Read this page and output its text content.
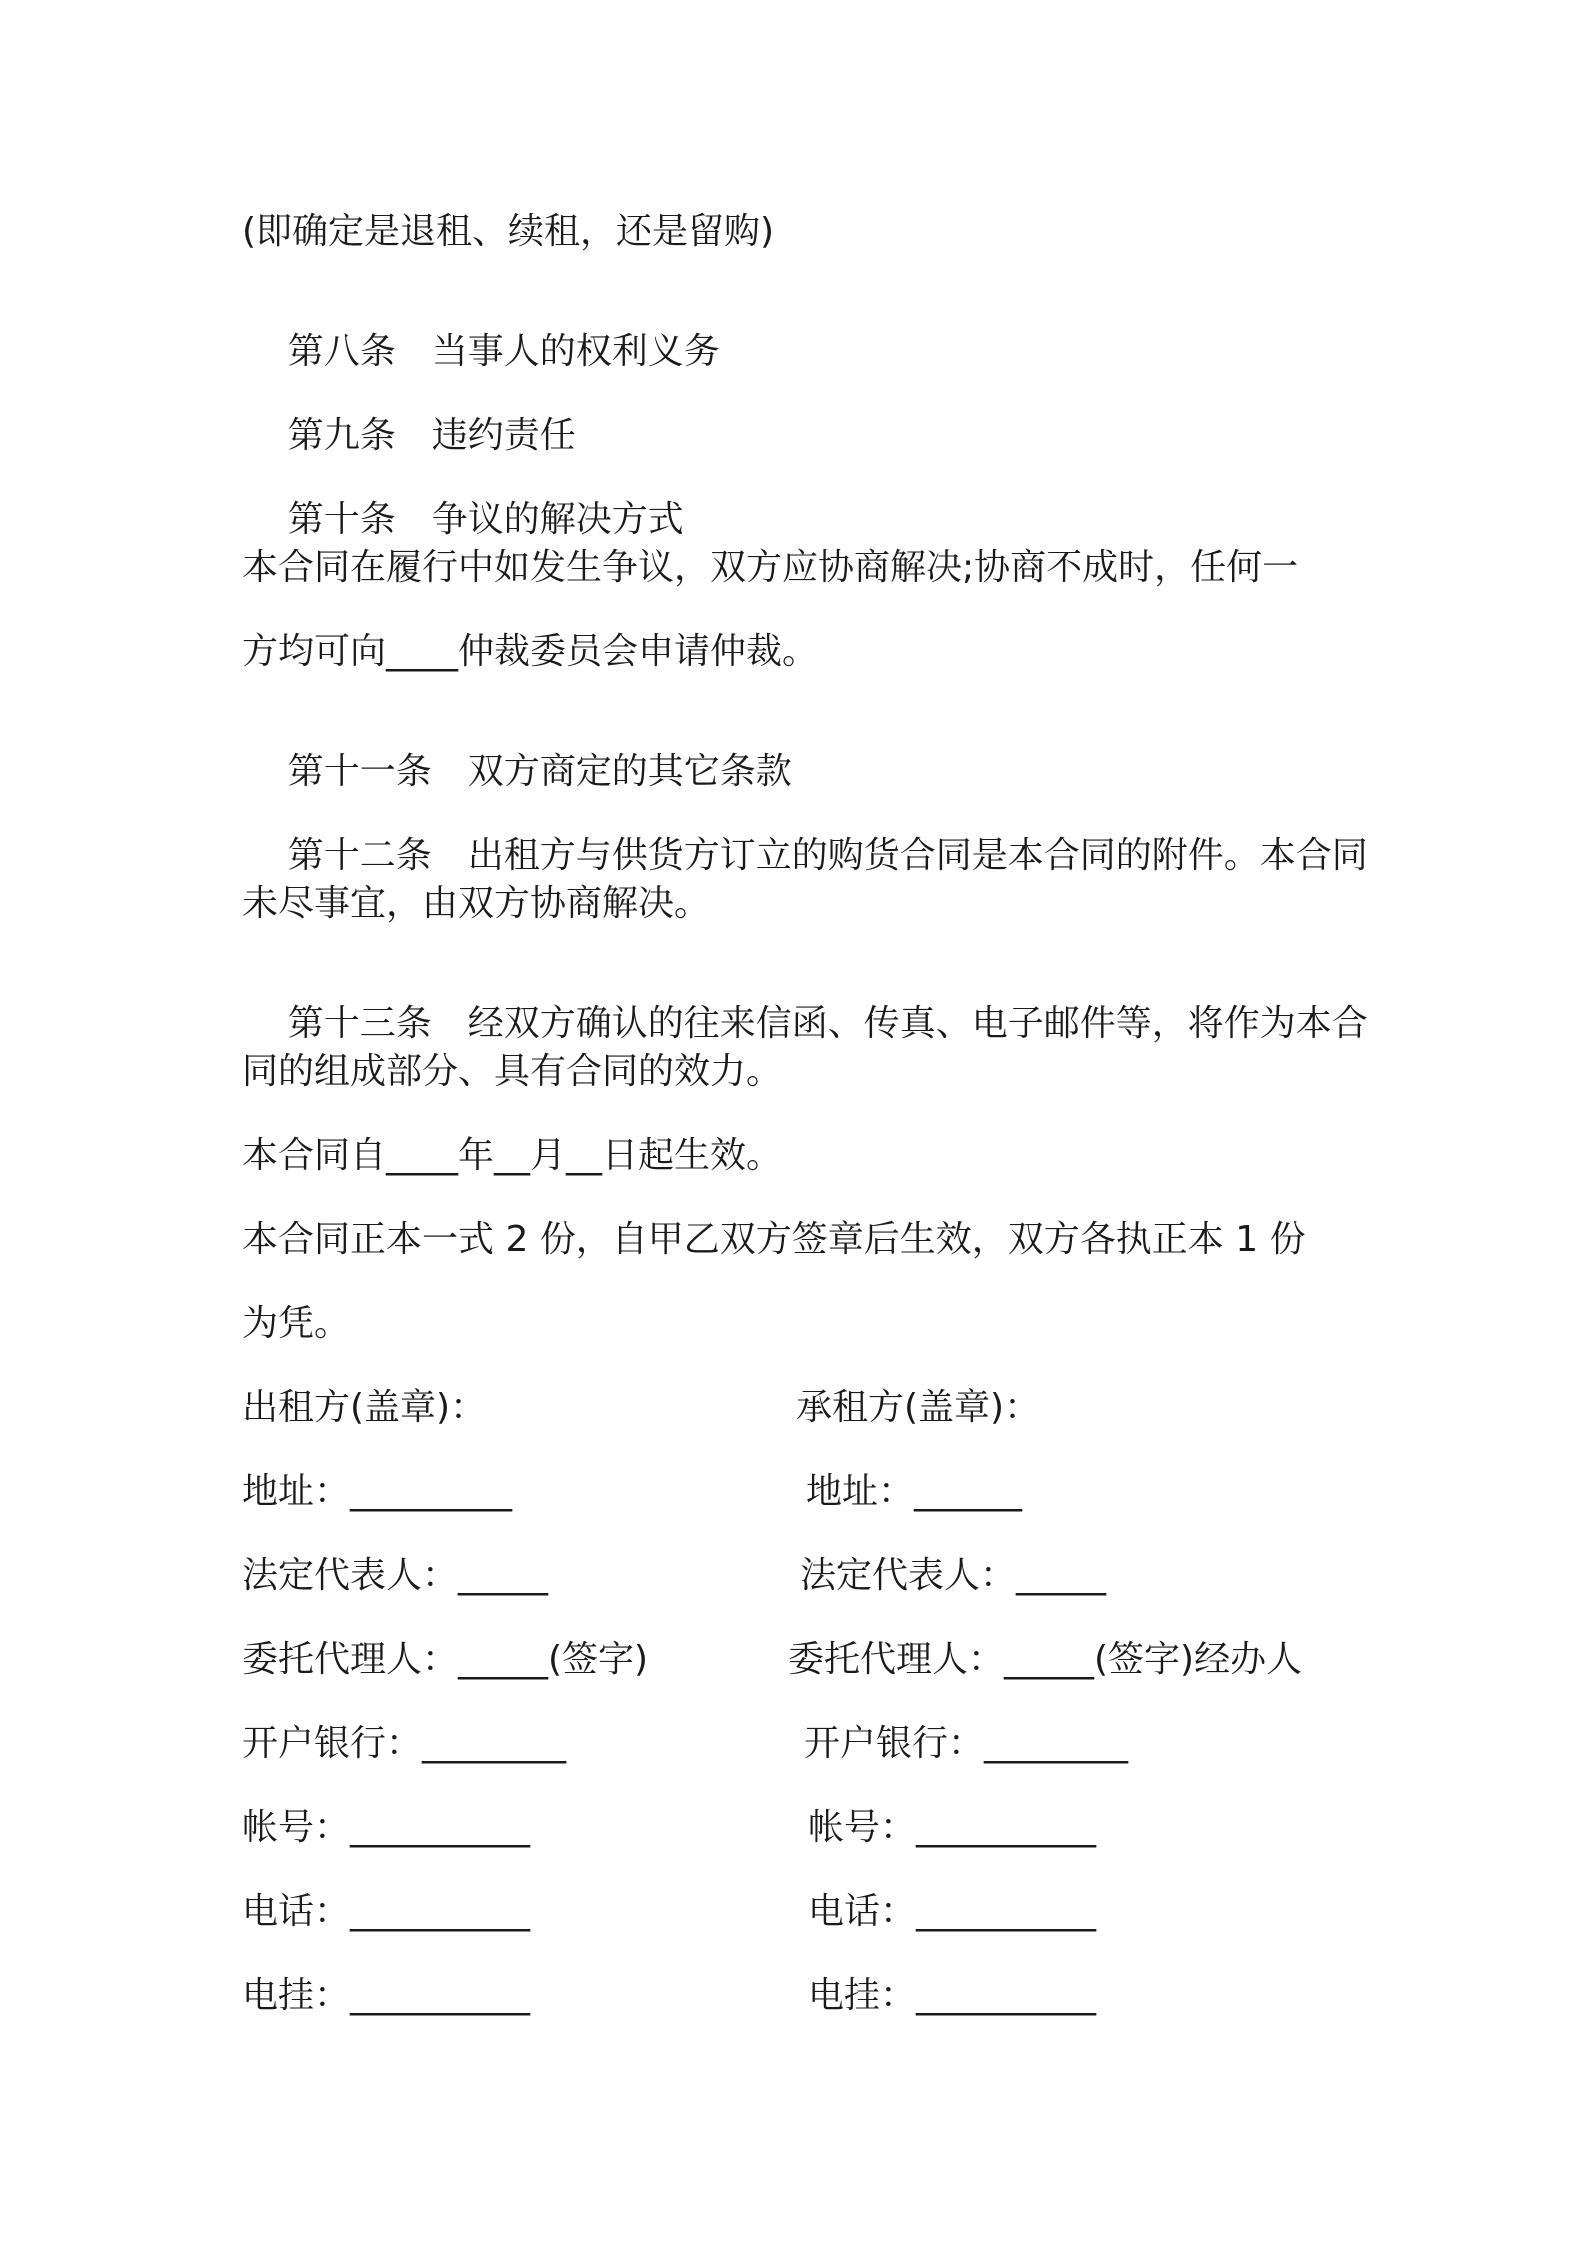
(即确定是退租、续租，还是留购)

第八条 当事人的权利义务

第九条 违约责任

第十条 争议的解决方式

本合同在履行中如发生争议，双方应协商解决;协商不成时，任何一
方均可向____仲裁委员会申请仲裁。

第十一条 双方商定的其它条款

第十二条 出租方与供货方订立的购货合同是本合同的附件。本合同

未尽事宜，由双方协商解决。

第十三条 经双方确认的往来信函、传真、电子邮件等，将作为本合

同的组成部分、具有合同的效力。
本合同自____年__月__日起生效。
本合同正本一式 2 份，自甲乙双方签章后生效，双方各执正本 1 份
为凭。
出租方(盖章)：	承租方(盖章)：
地址：_________	地址：______
法定代表人：_____	法定代表人：_____
委托代理人：_____(签字)	委托代理人：_____(签字)经办人
开户银行：________	开户银行：________
帐号：__________	帐号：__________
电话：__________	电话：__________
电挂：__________	电挂：__________
